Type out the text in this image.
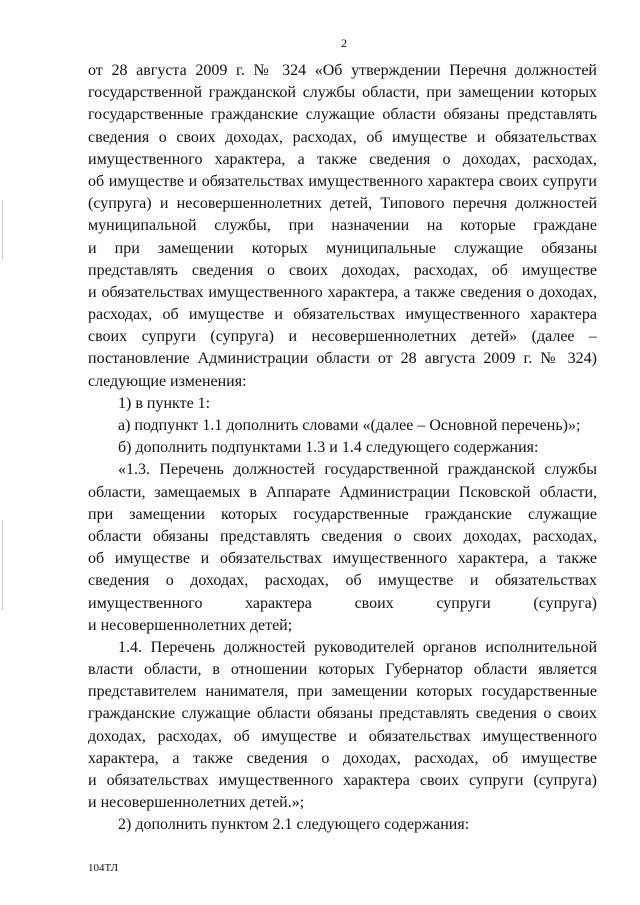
2
от 28 августа 2009 г. № 324 «Об утверждении Перечня должностей
государственной гражданской службы области, при замещении которых
государственные гражданские служащие области обязаны представлять
сведения о своих доходах, расходах, об имуществе и обязательствах
имущественного характера, а также сведения о доходах, расходах,
об имуществе и обязательствах имущественного характера своих супруги
(супруга) и несовершеннолетних детей, Типового перечня должностей
муниципальной службы, при назначении на которые граждане
и при замещении которых муниципальные служащие обязаны
представлять сведения о своих доходах, расходах, об имуществе
и обязательствах имущественного характера, а также сведения о доходах,
расходах, об имуществе и обязательствах имущественного характера
своих супруги (супруга) и несовершеннолетних детей» (далее –
постановление Администрации области от 28 августа 2009 г. № 324)
следующие изменения:
1) в пункте 1:
а) подпункт 1.1 дополнить словами «(далее – Основной перечень)»;
б) дополнить подпунктами 1.3 и 1.4 следующего содержания:
«1.3. Перечень должностей государственной гражданской службы
области, замещаемых в Аппарате Администрации Псковской области,
при замещении которых государственные гражданские служащие
области обязаны представлять сведения о своих доходах, расходах,
об имуществе и обязательствах имущественного характера, а также
сведения о доходах, расходах, об имуществе и обязательствах
имущественного характера своих супруги (супруга)
и несовершеннолетних детей;
1.4. Перечень должностей руководителей органов исполнительной
власти области, в отношении которых Губернатор области является
представителем нанимателя, при замещении которых государственные
гражданские служащие области обязаны представлять сведения о своих
доходах, расходах, об имуществе и обязательствах имущественного
характера, а также сведения о доходах, расходах, об имуществе
и обязательствах имущественного характера своих супруги (супруга)
и несовершеннолетних детей.»;
2) дополнить пунктом 2.1 следующего содержания:
104ТЛ
